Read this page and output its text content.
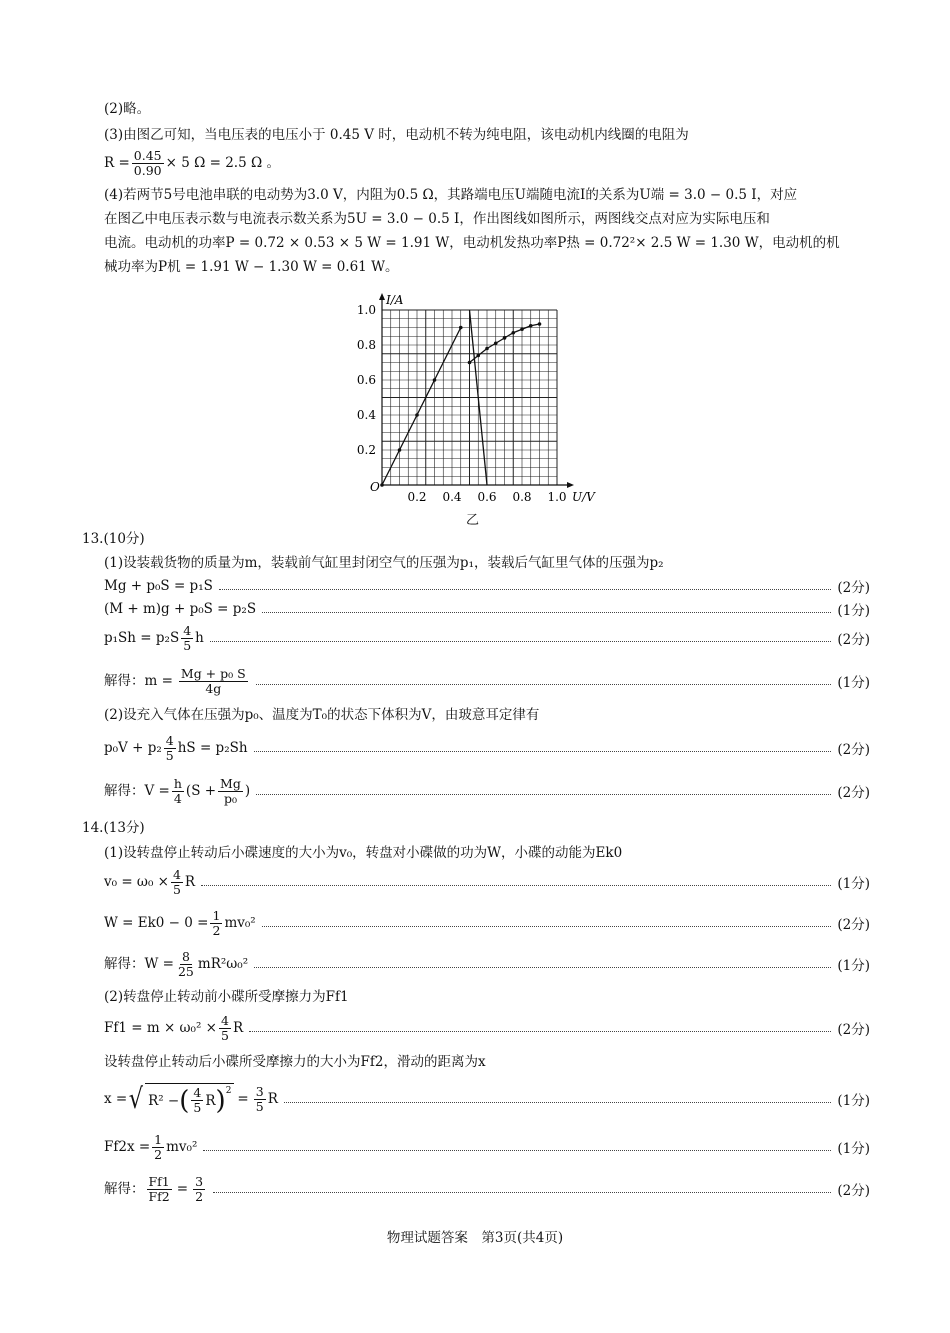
(2)略。
(3)由图乙可知，当电压表的电压小于 0.45 V 时，电动机不转为纯电阻，该电动机内线圈的电阻为
$R = \frac{0.45}{0.90} \times 5$ Ω = 2.5 Ω 。
(4)若两节5号电池串联的电动势为3.0 V，内阻为0.5 Ω，其路端电压U端随电流I的关系为U端 = 3.0 − 0.5 I，对应
在图乙中电压表示数与电流表示数关系为5U = 3.0 − 0.5 I，作出图线如图所示，两图线交点对应为实际电压和
电流。电动机的功率P = 0.72 × 0.53 × 5 W = 1.91 W，电动机发热功率P热 = 0.72²× 2.5 W = 1.30 W，电动机的机
械功率为P机 = 1.91 W − 1.30 W = 0.61 W。
0.2 0.4 0.6 0.8 1.0
0.2
0.4
0.6
0.8
1.0
O
U/V
I/A
乙
13.(10分)
(1)设装载货物的质量为m，装载前气缸里封闭空气的压强为p₁，装载后气缸里气体的压强为p₂
Mg + p₀S = p₁S	(2分)
(M + m)g + p₀S = p₂S	(1分)
$p_1Sh = p_2S \frac{4}{5}$ h	(2分)
解得：$m = \frac{\text{Mg + p₀ S}}{4g}$	(1分)
(2)设充入气体在压强为p₀、温度为T₀的状态下体积为V，由玻意耳定律有
$p_0V + p_2 \frac{4}{5}$ hS = p₂Sh	(2分)
解得：$V = \frac{h}{4} (S + \frac{Mg}{\text{p₀}}$ )	(2分)
14.(13分)
(1)设转盘停止转动后小碟速度的大小为v₀，转盘对小碟做的功为W，小碟的动能为Ek0
$v_0 = \omega_0 \times \frac{4}{5}$ R	(1分)
$W = Ek0 - 0 = \frac{1}{2} mv_0^2$	(2分)
解得：$W = \frac{8}{25} mR^2\omega_0^2$	(1分)
(2)转盘停止转动前小碟所受摩擦力为Ff1
$Ff1 = m \times \omega_0^2 \times \frac{4}{5}$ R	(2分)
设转盘停止转动后小碟所受摩擦力的大小为Ff2，滑动的距离为x
x = √ R² − ( $\frac{4}{5}$ R )$^2 = \frac{3}{5}$ R	(1分)
$Ff2x = \frac{1}{2} mv_0^2$	(1分)
解得： $\frac{Ff1}{Ff2} = \frac{3}{2}$	(2分)
物理试题答案　第3页(共4页)
